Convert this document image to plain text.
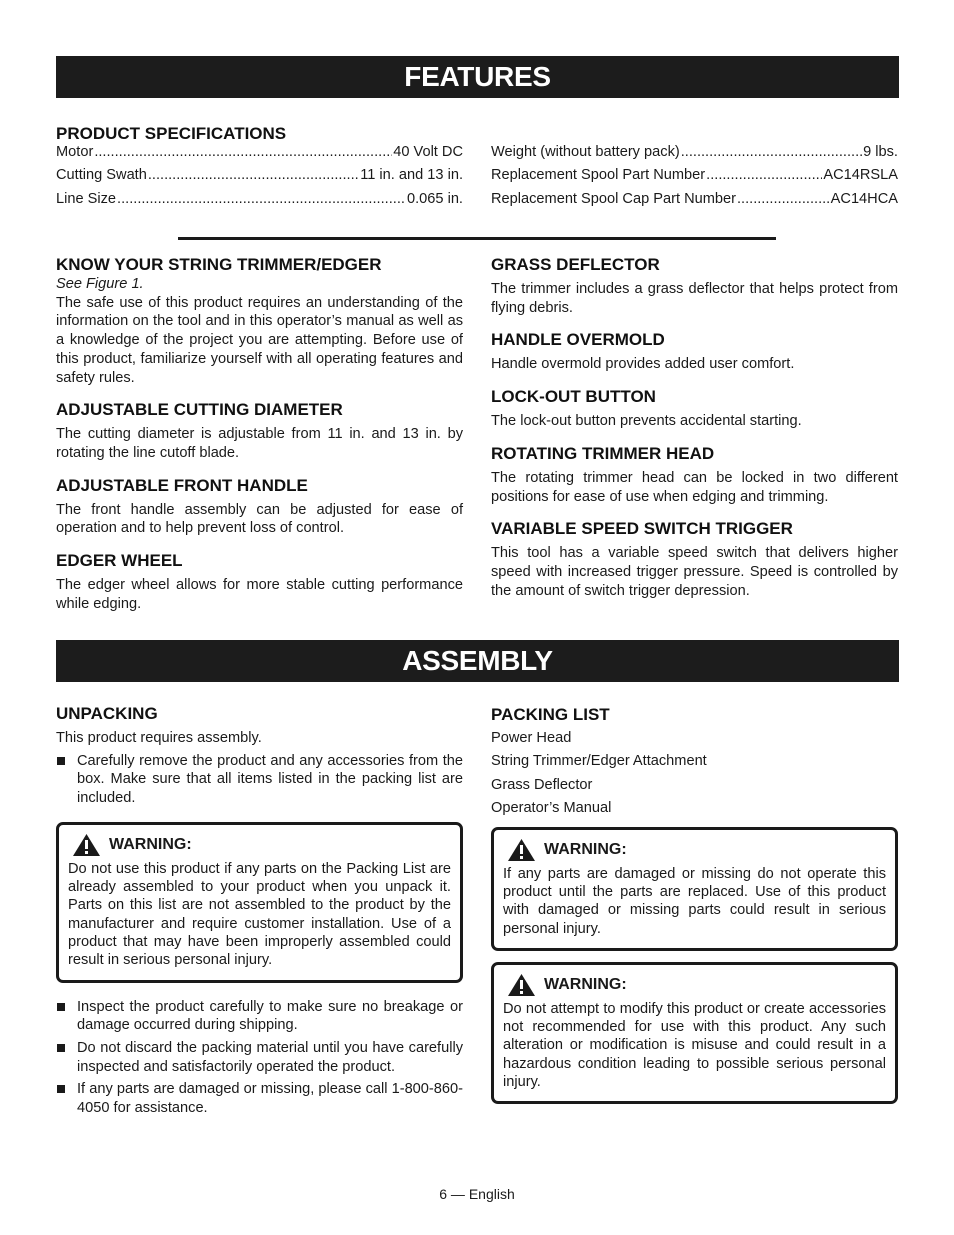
FEATURES
PRODUCT SPECIFICATIONS
Motor .....	40 Volt DC
Cutting Swath .....	11 in. and 13 in.
Line Size .....	0.065 in.
Weight (without battery pack) .....	9 lbs.
Replacement Spool Part Number .....	AC14RSLA
Replacement Spool Cap Part Number .....	AC14HCA
KNOW YOUR STRING TRIMMER/EDGER
See Figure 1.
The safe use of this product requires an understanding of the information on the tool and in this operator’s manual as well as a knowledge of the project you are attempting. Before use of this product, familiarize yourself with all operating features and safety rules.
ADJUSTABLE CUTTING DIAMETER
The cutting diameter is adjustable from 11 in. and 13 in. by rotating the line cutoff blade.
ADJUSTABLE FRONT HANDLE
The front handle assembly can be adjusted for ease of operation and to help prevent loss of control.
EDGER WHEEL
The edger wheel allows for more stable cutting performance while edging.
GRASS DEFLECTOR
The trimmer includes a grass deflector that helps protect from flying debris.
HANDLE OVERMOLD
Handle overmold provides added user comfort.
LOCK-OUT BUTTON
The lock-out button prevents accidental starting.
ROTATING TRIMMER HEAD
The rotating trimmer head can be locked in two different positions for ease of use when edging and trimming.
VARIABLE SPEED SWITCH TRIGGER
This tool has a variable speed switch that delivers higher speed with increased trigger pressure. Speed is controlled by the amount of switch trigger depression.
ASSEMBLY
UNPACKING
This product requires assembly.
Carefully remove the product and any accessories from the box. Make sure that all items listed in the packing list are included.
WARNING:
Do not use this product if any parts on the Packing List are already assembled to your product when you unpack it. Parts on this list are not assembled to the product by the manufacturer and require customer installation. Use of a product that may have been improperly assembled could result in serious personal injury.
Inspect the product carefully to make sure no breakage or damage occurred during shipping.
Do not discard the packing material until you have carefully inspected and satisfactorily operated the product.
If any parts are damaged or missing, please call 1-800-860-4050 for assistance.
PACKING LIST
Power Head
String Trimmer/Edger Attachment
Grass Deflector
Operator’s Manual
WARNING:
If any parts are damaged or missing do not operate this product until the parts are replaced. Use of this product with damaged or missing parts could result in serious personal injury.
WARNING:
Do not attempt to modify this product or create accessories not recommended for use with this product. Any such alteration or modification is misuse and could result in a hazardous condition leading to possible serious personal injury.
6 — English
